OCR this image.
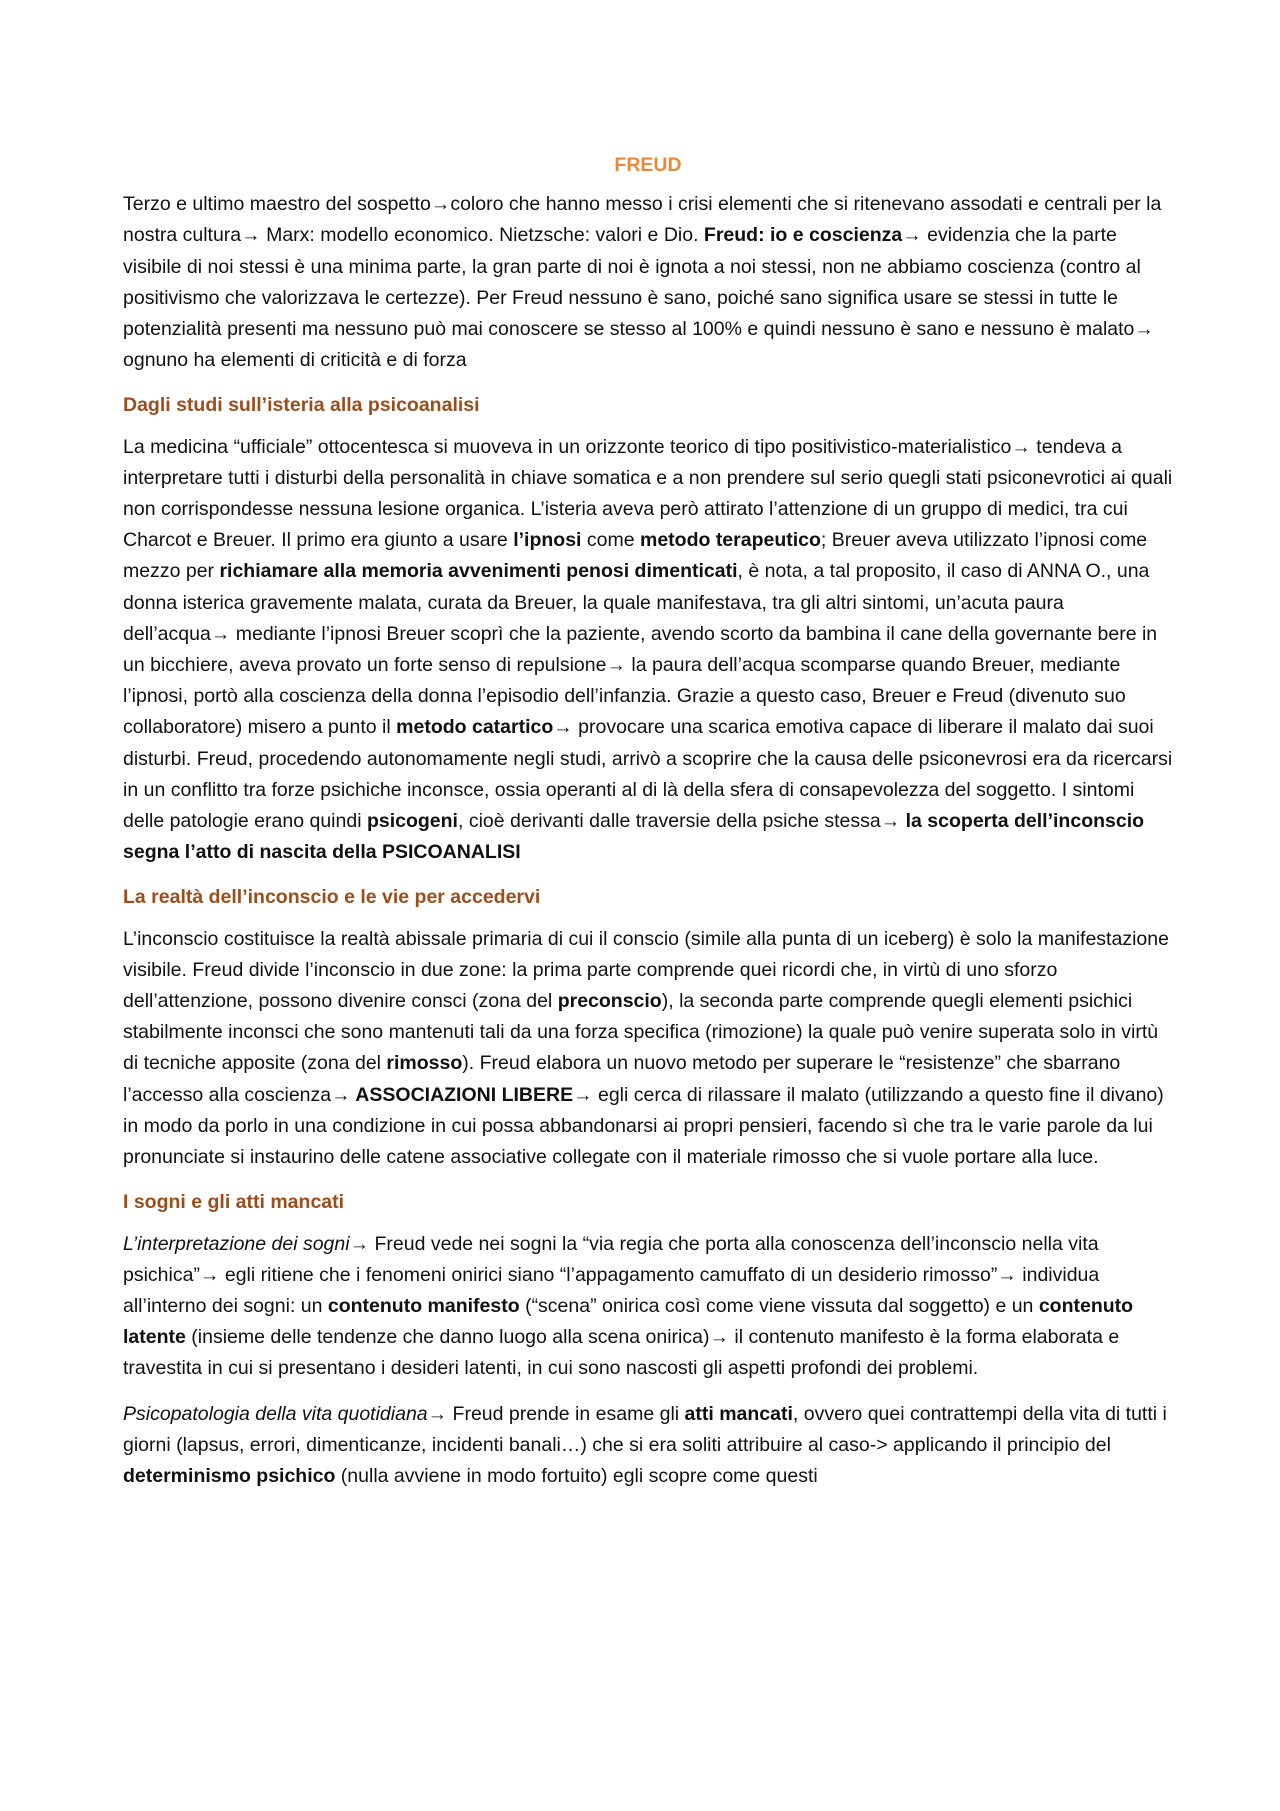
FREUD

Terzo e ultimo maestro del sospetto→coloro che hanno messo i crisi elementi che si ritenevano assodati e centrali per la nostra cultura→ Marx: modello economico. Nietzsche: valori e Dio. Freud: io e coscienza→ evidenzia che la parte visibile di noi stessi è una minima parte, la gran parte di noi è ignota a noi stessi, non ne abbiamo coscienza (contro al positivismo che valorizzava le certezze). Per Freud nessuno è sano, poiché sano significa usare se stessi in tutte le potenzialità presenti ma nessuno può mai conoscere se stesso al 100% e quindi nessuno è sano e nessuno è malato→ ognuno ha elementi di criticità e di forza

Dagli studi sull’isteria alla psicoanalisi

La medicina “ufficiale” ottocentesca si muoveva in un orizzonte teorico di tipo positivistico-materialistico→ tendeva a interpretare tutti i disturbi della personalità in chiave somatica e a non prendere sul serio quegli stati psiconevrotici ai quali non corrispondesse nessuna lesione organica. L’isteria aveva però attirato l’attenzione di un gruppo di medici, tra cui Charcot e Breuer. Il primo era giunto a usare l’ipnosi come metodo terapeutico; Breuer aveva utilizzato l’ipnosi come mezzo per richiamare alla memoria avvenimenti penosi dimenticati, è nota, a tal proposito, il caso di ANNA O., una donna isterica gravemente malata, curata da Breuer, la quale manifestava, tra gli altri sintomi, un’acuta paura dell’acqua→ mediante l’ipnosi Breuer scoprì che la paziente, avendo scorto da bambina il cane della governante bere in un bicchiere, aveva provato un forte senso di repulsione→ la paura dell’acqua scomparse quando Breuer, mediante l’ipnosi, portò alla coscienza della donna l’episodio dell’infanzia. Grazie a questo caso, Breuer e Freud (divenuto suo collaboratore) misero a punto il metodo catartico→ provocare una scarica emotiva capace di liberare il malato dai suoi disturbi. Freud, procedendo autonomamente negli studi, arrivò a scoprire che la causa delle psiconevrosi era da ricercarsi in un conflitto tra forze psichiche inconsce, ossia operanti al di là della sfera di consapevolezza del soggetto. I sintomi delle patologie erano quindi psicogeni, cioè derivanti dalle traversie della psiche stessa→ la scoperta dell’inconscio segna l’atto di nascita della PSICOANALISI

La realtà dell’inconscio e le vie per accedervi

L’inconscio costituisce la realtà abissale primaria di cui il conscio (simile alla punta di un iceberg) è solo la manifestazione visibile. Freud divide l’inconscio in due zone: la prima parte comprende quei ricordi che, in virtù di uno sforzo dell’attenzione, possono divenire consci (zona del preconscio), la seconda parte comprende quegli elementi psichici stabilmente inconsci che sono mantenuti tali da una forza specifica (rimozione) la quale può venire superata solo in virtù di tecniche apposite (zona del rimosso). Freud elabora un nuovo metodo per superare le “resistenze” che sbarrano l’accesso alla coscienza→ ASSOCIAZIONI LIBERE→ egli cerca di rilassare il malato (utilizzando a questo fine il divano) in modo da porlo in una condizione in cui possa abbandonarsi ai propri pensieri, facendo sì che tra le varie parole da lui pronunciate si instaurino delle catene associative collegate con il materiale rimosso che si vuole portare alla luce.

I sogni e gli atti mancati

L’interpretazione dei sogni→ Freud vede nei sogni la “via regia che porta alla conoscenza dell’inconscio nella vita psichica”→ egli ritiene che i fenomeni onirici siano “l’appagamento camuffato di un desiderio rimosso”→ individua all’interno dei sogni: un contenuto manifesto (“scena” onirica così come viene vissuta dal soggetto) e un contenuto latente (insieme delle tendenze che danno luogo alla scena onirica)→ il contenuto manifesto è la forma elaborata e travestita in cui si presentano i desideri latenti, in cui sono nascosti gli aspetti profondi dei problemi.

Psicopatologia della vita quotidiana→ Freud prende in esame gli atti mancati, ovvero quei contrattempi della vita di tutti i giorni (lapsus, errori, dimenticanze, incidenti banali…) che si era soliti attribuire al caso-> applicando il principio del determinismo psichico (nulla avviene in modo fortuito) egli scopre come questi
